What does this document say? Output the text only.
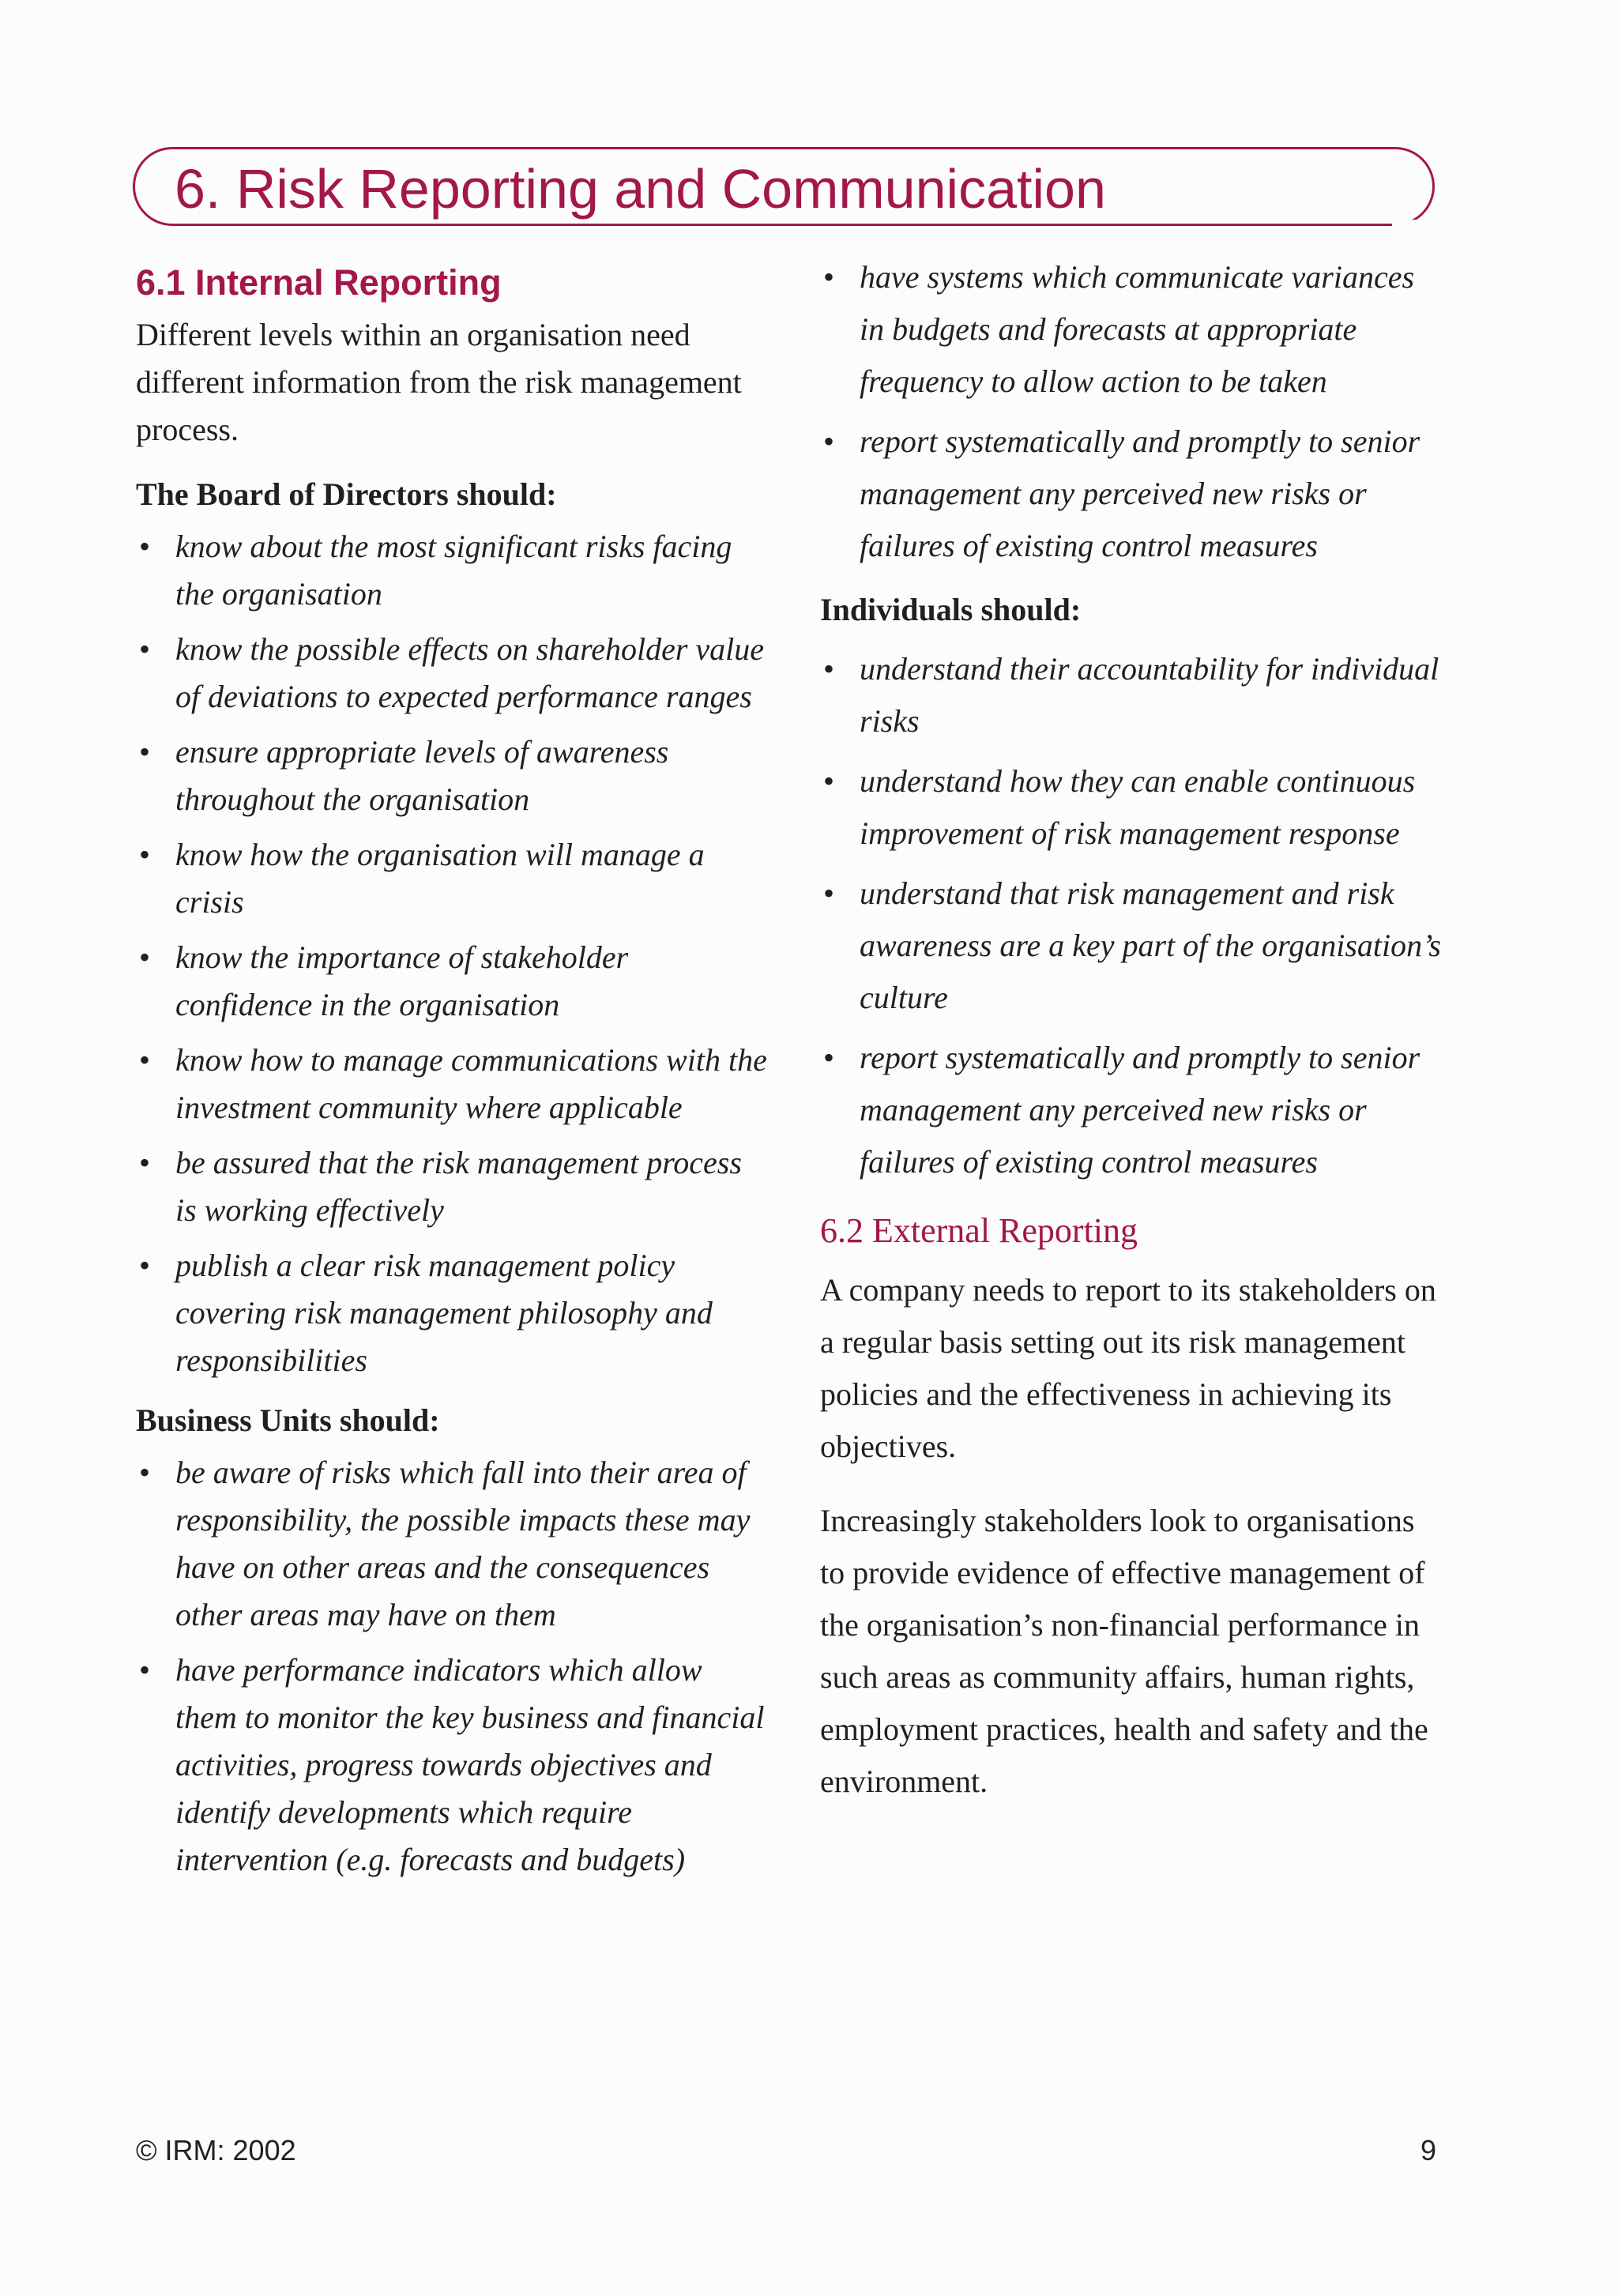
6. Risk Reporting and Communication
6.1 Internal Reporting

Different levels within an organisation need different information from the risk management process.

The Board of Directors should:

• know about the most significant risks facing the organisation
• know the possible effects on shareholder value of deviations to expected performance ranges
• ensure appropriate levels of awareness throughout the organisation
• know how the organisation will manage a crisis
• know the importance of stakeholder confidence in the organisation
• know how to manage communications with the investment community where applicable
• be assured that the risk management process is working effectively
• publish a clear risk management policy covering risk management philosophy and responsibilities

Business Units should:

• be aware of risks which fall into their area of responsibility, the possible impacts these may have on other areas and the consequences other areas may have on them
• have performance indicators which allow them to monitor the key business and financial activities, progress towards objectives and identify developments which require intervention (e.g. forecasts and budgets)
• have systems which communicate variances in budgets and forecasts at appropriate frequency to allow action to be taken
• report systematically and promptly to senior management any perceived new risks or failures of existing control measures

Individuals should:

• understand their accountability for individual risks
• understand how they can enable continuous improvement of risk management response
• understand that risk management and risk awareness are a key part of the organisation’s culture
• report systematically and promptly to senior management any perceived new risks or failures of existing control measures
6.2 External Reporting

A company needs to report to its stakeholders on a regular basis setting out its risk management policies and the effectiveness in achieving its objectives.

Increasingly stakeholders look to organisations to provide evidence of effective management of the organisation’s non-financial performance in such areas as community affairs, human rights, employment practices, health and safety and the environment.

© IRM: 2002	9
